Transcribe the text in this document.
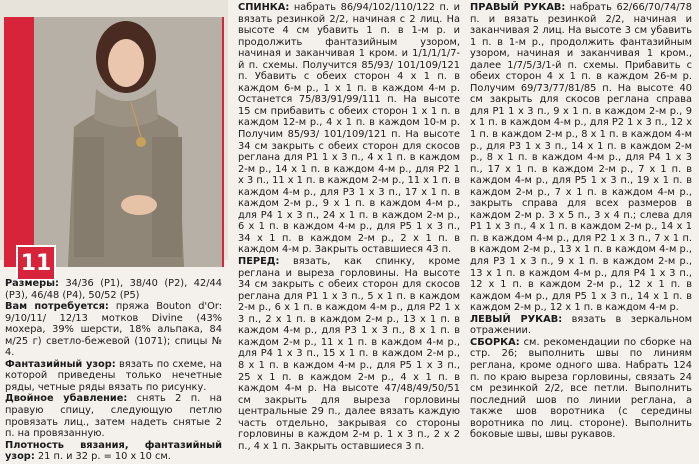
11

Размеры: 34/36 (P1), 38/40 (P2), 42/44 (P3), 46/48 (P4), 50/52 (P5)

Вам потребуется: пряжа Bouton d'Or: 9/10/11/ 12/13 мотков Divine (43% мохера, 39% шерсти, 18% альпака, 84 м/25 г) светло-бежевой (1071); спицы № 4.

Фантазийный узор: вязать по схеме, на которой приведены только нечетные ряды, четные ряды вязать по рисунку.

Двойное убавление: снять 2 п. на правую спицу, следующую петлю провязать лиц., затем надеть снятые 2 п. на провязанную.

Плотность вязания, фантазийный узор: 21 п. и 32 р. = 10 x 10 см.

СПИНКА: набрать 86/94/102/110/122 п. и вязать резинкой 2/2, начиная с 2 лиц. На высоте 4 см убавить 1 п. в 1-м р. и продолжить фантазийным узором, начиная и заканчивая 1 кром. и 1/1/1/1/7-й п. схемы. Получится 85/93/ 101/109/121 п. Убавить с обеих сторон 4 x 1 п. в каждом 6-м р., 1 x 1 п. в каждом 4-м р. Останется 75/83/91/99/111 п. На высоте 15 см прибавить с обеих сторон 1 x 1 п. в каждом 12-м р., 4 x 1 п. в каждом 10-м р. Получим 85/93/ 101/109/121 п. На высоте 34 см закрыть с обеих сторон для скосов реглана для Р1 1 x 3 п., 4 x 1 п. в каждом 2-м р., 14 x 1 п. в каждом 4-м р., для Р2 1 x 3 п., 11 x 1 п. в каждом 2-м р., 11 x 1 п. в каждом 4-м р., для Р3 1 x 3 п., 17 x 1 п. в каждом 2-м р., 9 x 1 п. в каждом 4-м р., для Р4 1 x 3 п., 24 x 1 п. в каждом 2-м р., 6 x 1 п. в каждом 4-м р., для Р5 1 x 3 п., 34 x 1 п. в каждом 2-м р., 2 x 1 п. в каждом 4-м р. Закрыть оставшиеся 43 п.

ПЕРЕД: вязать, как спинку, кроме реглана и выреза горловины. На высоте 34 см закрыть с обеих сторон для скосов реглана для Р1 1 x 3 п., 5 x 1 п. в каждом 2-м р., 6 x 1 п. в каждом 4-м р., для Р2 1 x 3 п., 2 x 1 п. в каждом 2-м р., 13 x 1 п. в каждом 4-м р., для Р3 1 x 3 п., 8 x 1 п. в каждом 2-м р., 11 x 1 п. в каждом 4-м р., для Р4 1 x 3 п., 15 x 1 п. в каждом 2-м р., 8 x 1 п. в каждом 4-м р., для Р5 1 x 3 п., 25 x 1 п. в каждом 2-м р., 4 x 1 п. в каждом 4-м р. На высоте 47/48/49/50/51 см закрыть для выреза горловины центральные 29 п., далее вязать каждую часть отдельно, закрывая со стороны горловины в каждом 2-м р. 1 x 3 п., 2 x 2 п., 4 x 1 п. Закрыть оставшиеся 3 п.

ПРАВЫЙ РУКАВ: набрать 62/66/70/74/78 п. и вязать резинкой 2/2, начиная и заканчивая 2 лиц. На высоте 3 см убавить 1 п. в 1-м р., продолжить фантазийным узором, начиная и заканчивая 1 кром., далее 1/7/5/3/1-й п. схемы. Прибавить с обеих сторон 4 x 1 п. в каждом 26-м р. Получим 69/73/77/81/85 п. На высоте 40 см закрыть для скосов реглана справа для Р1 1 x 3 п., 9 x 1 п. в каждом 2-м р., 9 x 1 п. в каждом 4-м р., для Р2 1 x 3 п., 12 x 1 п. в каждом 2-м р., 8 x 1 п. в каждом 4-м р., для Р3 1 x 3 п., 14 x 1 п. в каждом 2-м р., 8 x 1 п. в каждом 4-м р., для Р4 1 x 3 п., 17 x 1 п. в каждом 2-м р., 7 x 1 п. в каждом 4-м р., для Р5 1 x 3 п., 19 x 1 п. в каждом 2-м р., 7 x 1 п. в каждом 4-м р., закрыть справа для всех размеров в каждом 2-м р. 3 x 5 п., 3 x 4 п.; слева для Р1 1 x 3 п., 4 x 1 п. в каждом 2-м р., 14 x 1 п. в каждом 4-м р., для Р2 1 x 3 п., 7 x 1 п. в каждом 2-м р., 13 x 1 п. в каждом 4-м р., для Р3 1 x 3 п., 9 x 1 п. в каждом 2-м р., 13 x 1 п. в каждом 4-м р., для Р4 1 x 3 п., 12 x 1 п. в каждом 2-м р., 12 x 1 п. в каждом 4-м р., для Р5 1 x 3 п., 14 x 1 п. в каждом 2-м р., 12 x 1 п. в каждом 4-м р.

ЛЕВЫЙ РУКАВ: вязать в зеркальном отражении.

СБОРКА: см. рекомендации по сборке на стр. 26; выполнить швы по линиям реглана, кроме одного шва. Набрать 124 п. по краю выреза горловины, связать 24 см резинкой 2/2, все петли. Выполнить последний шов по линии реглана, а также шов воротника (с середины воротника по лиц. стороне). Выполнить боковые швы, швы рукавов.
